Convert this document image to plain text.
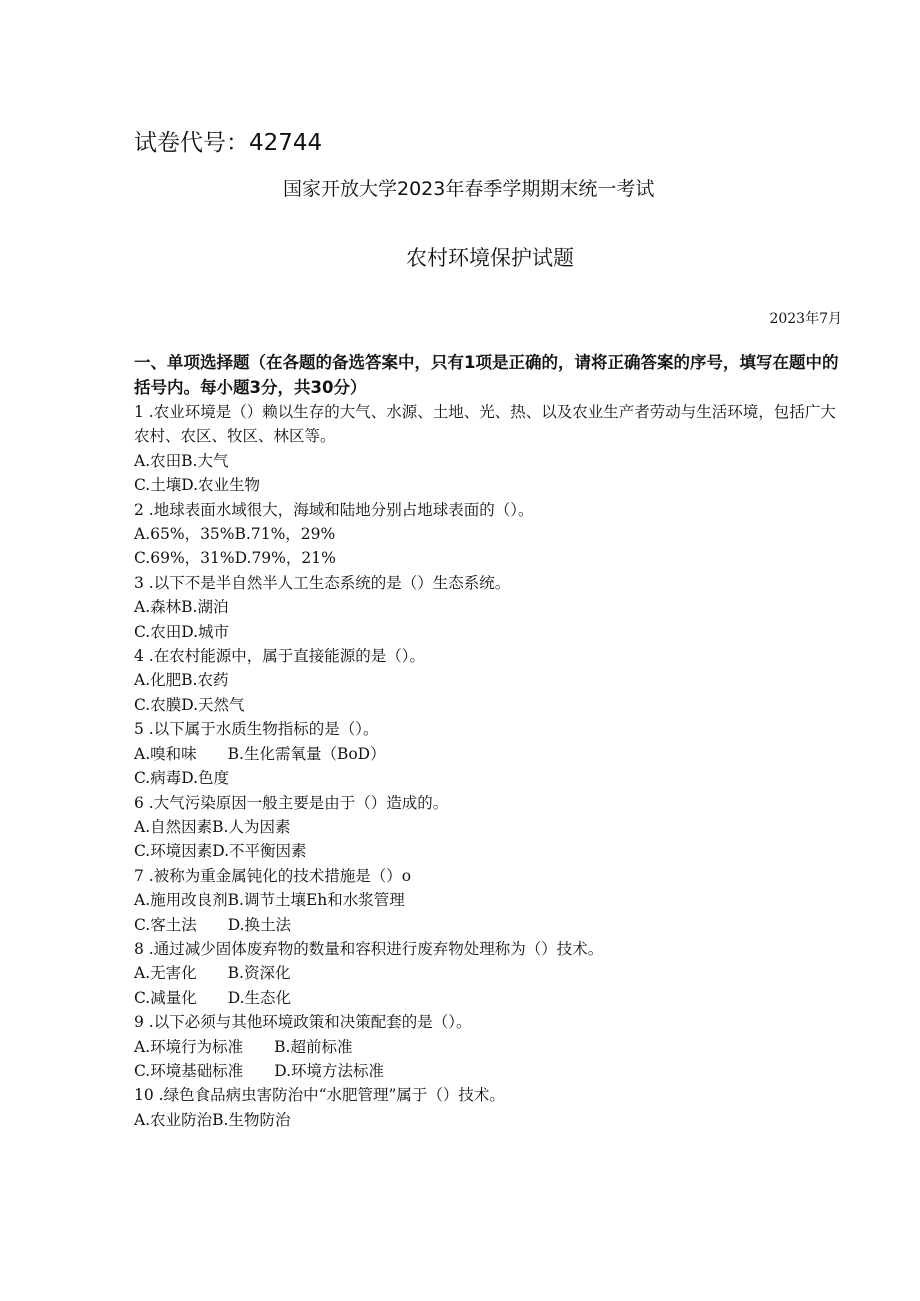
试卷代号：42744
国家开放大学2023年春季学期期末统一考试
农村环境保护试题
2023年7月
一、单项选择题（在各题的备选答案中，只有1项是正确的，请将正确答案的序号，填写在题中的括号内。每小题3分，共30分）
1 .农业环境是（）赖以生存的大气、水源、土地、光、热、以及农业生产者劳动与生活环境，包括广大农村、农区、牧区、林区等。
A.农田B.大气
C.土壤D.农业生物
2 .地球表面水域很大，海域和陆地分别占地球表面的（）。
A.65%，35%B.71%，29%
C.69%，31%D.79%，21%
3 .以下不是半自然半人工生态系统的是（）生态系统。
A.森林B.湖泊
C.农田D.城市
4 .在农村能源中，属于直接能源的是（）。
A.化肥B.农药
C.农膜D.天然气
5 .以下属于水质生物指标的是（）。
A.嗅和味　　B.生化需氧量（BoD）
C.病毒D.色度
6 .大气污染原因一般主要是由于（）造成的。
A.自然因素B.人为因素
C.环境因素D.不平衡因素
7 .被称为重金属钝化的技术措施是（）o
A.施用改良剂B.调节土壤Eh和水浆管理
C.客土法　　D.换土法
8 .通过减少固体废弃物的数量和容积进行废弃物处理称为（）技术。
A.无害化　　B.资深化
C.减量化　　D.生态化
9 .以下必须与其他环境政策和决策配套的是（）。
A.环境行为标准　　B.超前标准
C.环境基础标准　　D.环境方法标准
10 .绿色食品病虫害防治中“水肥管理”属于（）技术。
A.农业防治B.生物防治
